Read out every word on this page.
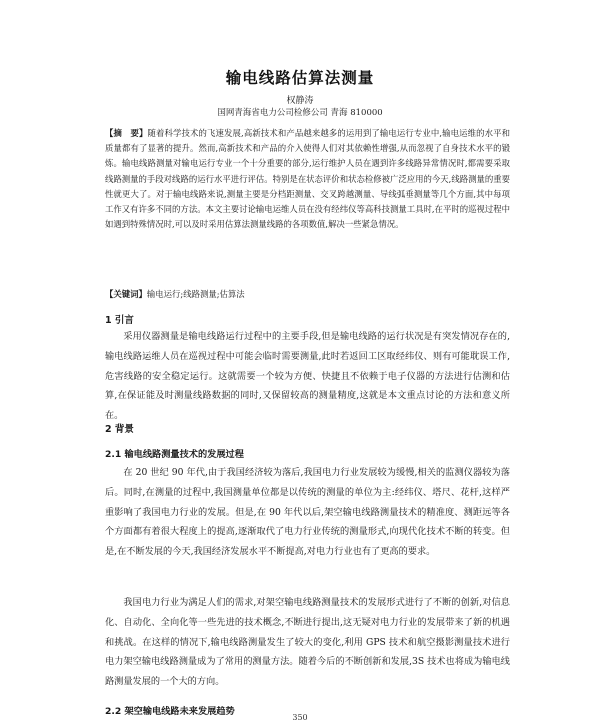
输电线路估算法测量
权静涛
国网青海省电力公司检修公司 青海 810000
【摘　要】随着科学技术的飞速发展,高新技术和产品越来越多的运用到了输电运行专业中,输电运维的水平和质量都有了显著的提升。然而,高新技术和产品的介入使得人们对其依赖性增强,从而忽视了自身技术水平的锻炼。输电线路测量对输电运行专业一个十分重要的部分,运行维护人员在遇到许多线路异常情况时,都需要采取线路测量的手段对线路的运行水平进行评估。特别是在状态评价和状态检修被广泛应用的今天,线路测量的重要性就更大了。对于输电线路来说,测量主要是分档距测量、交叉跨越测量、导线弧垂测量等几个方面,其中每项工作又有许多不同的方法。本文主要讨论输电运维人员在没有经纬仪等高科技测量工具时,在平时的巡视过程中如遇到特殊情况时,可以及时采用估算法测量线路的各项数值,解决一些紧急情况。
【关键词】输电运行;线路测量;估算法
1 引言
采用仪器测量是输电线路运行过程中的主要手段,但是输电线路的运行状况是有突发情况存在的,输电线路运维人员在巡视过程中可能会临时需要测量,此时若返回工区取经纬仪、则有可能耽误工作,危害线路的安全稳定运行。这就需要一个较为方便、快捷且不依赖于电子仪器的方法进行估测和估算,在保证能及时测量线路数据的同时,又保留较高的测量精度,这就是本文重点讨论的方法和意义所在。
2 背景
2.1 输电线路测量技术的发展过程
在 20 世纪 90 年代,由于我国经济较为落后,我国电力行业发展较为缓慢,相关的监测仪器较为落后。同时,在测量的过程中,我国测量单位都是以传统的测量的单位为主:经纬仪、塔尺、花杆,这样严重影响了我国电力行业的发展。但是,在 90 年代以后,架空输电线路测量技术的精准度、测距远等各个方面都有着很大程度上的提高,逐渐取代了电力行业传统的测量形式,向现代化技术不断的转变。但是,在不断发展的今天,我国经济发展水平不断提高,对电力行业也有了更高的要求。
我国电力行业为满足人们的需求,对架空输电线路测量技术的发展形式进行了不断的创新,对信息化、自动化、全向化等一些先进的技术概念,不断进行提出,这无疑对电力行业的发展带来了新的机遇和挑战。在这样的情况下,输电线路测量发生了较大的变化,利用 GPS 技术和航空摄影测量技术进行电力架空输电线路测量成为了常用的测量方法。随着今后的不断创新和发展,3S 技术也将成为输电线路测量发展的一个大的方向。
2.2 架空输电线路未来发展趋势
350
